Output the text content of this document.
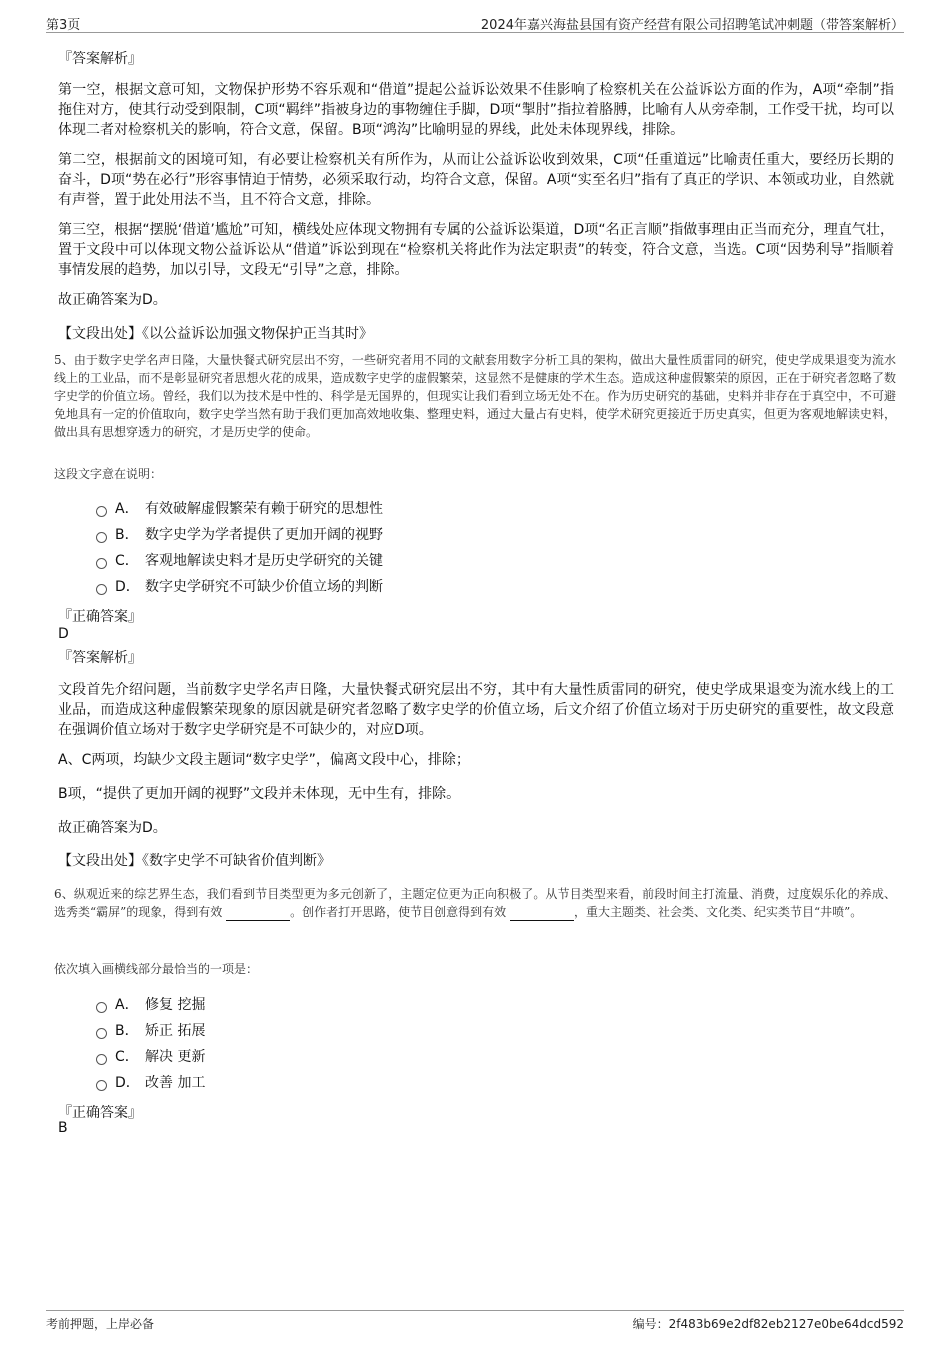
第3页	2024年嘉兴海盐县国有资产经营有限公司招聘笔试冲刺题（带答案解析）
『答案解析』
第一空，根据文意可知，文物保护形势不容乐观和“借道”提起公益诉讼效果不佳影响了检察机关在公益诉讼方面的作为，A项“牵制”指拖住对方，使其行动受到限制，C项“羁绊”指被身边的事物缠住手脚，D项“掣肘”指拉着胳膊，比喻有人从旁牵制，工作受干扰，均可以体现二者对检察机关的影响，符合文意，保留。B项“鸿沟”比喻明显的界线，此处未体现界线，排除。
第二空，根据前文的困境可知，有必要让检察机关有所作为，从而让公益诉讼收到效果，C项“任重道远”比喻责任重大，要经历长期的奋斗，D项“势在必行”形容事情迫于情势，必须采取行动，均符合文意，保留。A项“实至名归”指有了真正的学识、本领或功业，自然就有声誉，置于此处用法不当，且不符合文意，排除。
第三空，根据“摆脱‘借道’尴尬”可知，横线处应体现文物拥有专属的公益诉讼渠道，D项“名正言顺”指做事理由正当而充分，理直气壮，置于文段中可以体现文物公益诉讼从“借道”诉讼到现在“检察机关将此作为法定职责”的转变，符合文意，当选。C项“因势利导”指顺着事情发展的趋势，加以引导，文段无“引导”之意，排除。
故正确答案为D。
【文段出处】《以公益诉讼加强文物保护正当其时》
5、由于数字史学名声日隆，大量快餐式研究层出不穷，一些研究者用不同的文献套用数字分析工具的架构，做出大量性质雷同的研究，使史学成果退变为流水线上的工业品，而不是彰显研究者思想火花的成果，造成数字史学的虚假繁荣，这显然不是健康的学术生态。造成这种虚假繁荣的原因，正在于研究者忽略了数字史学的价值立场。曾经，我们以为技术是中性的、科学是无国界的，但现实让我们看到立场无处不在。作为历史研究的基础，史料并非存在于真空中，不可避免地具有一定的价值取向，数字史学当然有助于我们更加高效地收集、整理史料，通过大量占有史料，使学术研究更接近于历史真实，但更为客观地解读史料，做出具有思想穿透力的研究，才是历史学的使命。
这段文字意在说明：
A． 有效破解虚假繁荣有赖于研究的思想性
B． 数字史学为学者提供了更加开阔的视野
C． 客观地解读史料才是历史学研究的关键
D． 数字史学研究不可缺少价值立场的判断
『正确答案』
D
『答案解析』
文段首先介绍问题，当前数字史学名声日隆，大量快餐式研究层出不穷，其中有大量性质雷同的研究，使史学成果退变为流水线上的工业品，而造成这种虚假繁荣现象的原因就是研究者忽略了数字史学的价值立场，后文介绍了价值立场对于历史研究的重要性，故文段意在强调价值立场对于数字史学研究是不可缺少的，对应D项。
A、C两项，均缺少文段主题词“数字史学”，偏离文段中心，排除；
B项，“提供了更加开阔的视野”文段并未体现，无中生有，排除。
故正确答案为D。
【文段出处】《数字史学不可缺省价值判断》
6、纵观近来的综艺界生态，我们看到节目类型更为多元创新了，主题定位更为正向积极了。从节目类型来看，前段时间主打流量、消费，过度娱乐化的养成、选秀类“霸屏”的现象，得到有效	。创作者打开思路，使节目创意得到有效	，重大主题类、社会类、文化类、纪实类节目“井喷”。
依次填入画横线部分最恰当的一项是：
A． 修复 挖掘
B． 矫正 拓展
C． 解决 更新
D． 改善 加工
『正确答案』
B
考前押题，上岸必备	编号：2f483b69e2df82eb2127e0be64dcd592
